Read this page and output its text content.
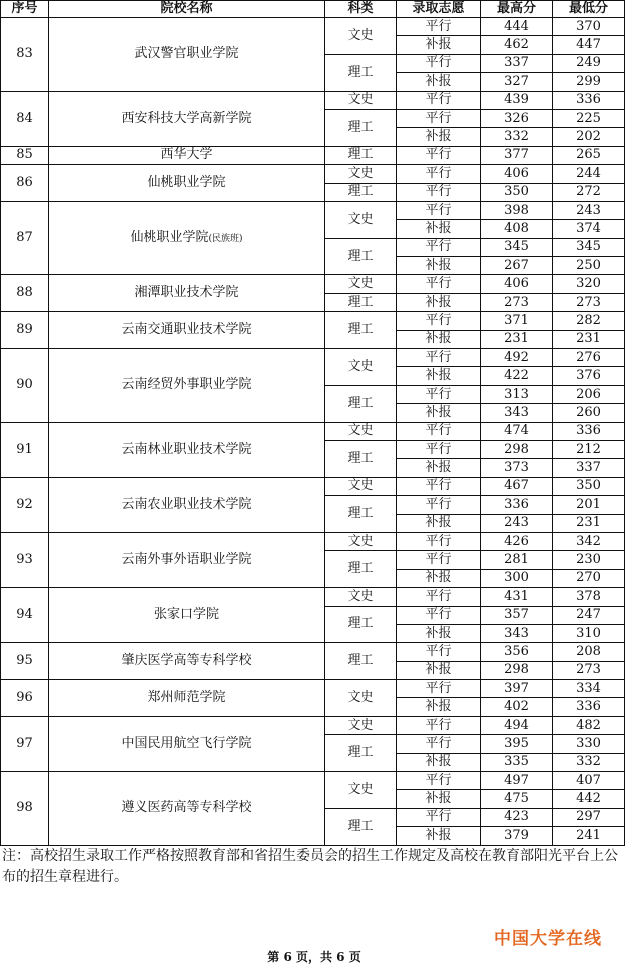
序号	院校名称	科类	录取志愿	最高分	最低分
83	武汉警官职业学院	文史	平行	444	370
			补报	462	447
		理工	平行	337	249
			补报	327	299
84	西安科技大学高新学院	文史	平行	439	336
		理工	平行	326	225
			补报	332	202
85	西华大学	理工	平行	377	265
86	仙桃职业学院	文史	平行	406	244
		理工	平行	350	272
87	仙桃职业学院(民族班)	文史	平行	398	243
			补报	408	374
		理工	平行	345	345
			补报	267	250
88	湘潭职业技术学院	文史	平行	406	320
		理工	补报	273	273
89	云南交通职业技术学院	理工	平行	371	282
			补报	231	231
90	云南经贸外事职业学院	文史	平行	492	276
			补报	422	376
		理工	平行	313	206
			补报	343	260
91	云南林业职业技术学院	文史	平行	474	336
		理工	平行	298	212
			补报	373	337
92	云南农业职业技术学院	文史	平行	467	350
		理工	平行	336	201
			补报	243	231
93	云南外事外语职业学院	文史	平行	426	342
		理工	平行	281	230
			补报	300	270
94	张家口学院	文史	平行	431	378
		理工	平行	357	247
			补报	343	310
95	肇庆医学高等专科学校	理工	平行	356	208
			补报	298	273
96	郑州师范学院	文史	平行	397	334
			补报	402	336
97	中国民用航空飞行学院	文史	平行	494	482
		理工	平行	395	330
			补报	335	332
98	遵义医药高等专科学校	文史	平行	497	407
			补报	475	442
		理工	平行	423	297
			补报	379	241
注：高校招生录取工作严格按照教育部和省招生委员会的招生工作规定及高校在教育部阳光平台上公布的招生章程进行。
中国大学在线
第 6 页，共 6 页
